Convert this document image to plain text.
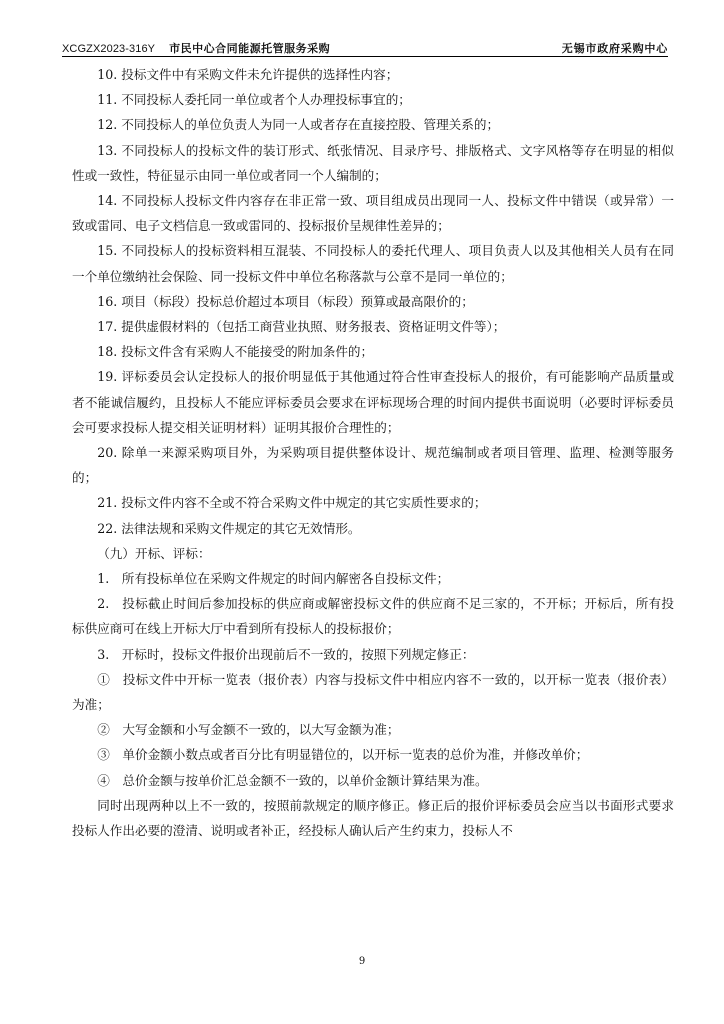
XCGZX2023-316Y 市民中心合同能源托管服务采购	无锡市政府采购中心

10. 投标文件中有采购文件未允许提供的选择性内容；

11. 不同投标人委托同一单位或者个人办理投标事宜的；

12. 不同投标人的单位负责人为同一人或者存在直接控股、管理关系的；

13. 不同投标人的投标文件的装订形式、纸张情况、目录序号、排版格式、文字风格等存在明显的相似性或一致性，特征显示由同一单位或者同一个人编制的；

14. 不同投标人投标文件内容存在非正常一致、项目组成员出现同一人、投标文件中错误（或异常）一致或雷同、电子文档信息一致或雷同的、投标报价呈规律性差异的；

15. 不同投标人的投标资料相互混装、不同投标人的委托代理人、项目负责人以及其他相关人员有在同一个单位缴纳社会保险、同一投标文件中单位名称落款与公章不是同一单位的；

16. 项目（标段）投标总价超过本项目（标段）预算或最高限价的；

17. 提供虚假材料的（包括工商营业执照、财务报表、资格证明文件等）；

18. 投标文件含有采购人不能接受的附加条件的；

19. 评标委员会认定投标人的报价明显低于其他通过符合性审查投标人的报价，有可能影响产品质量或者不能诚信履约，且投标人不能应评标委员会要求在评标现场合理的时间内提供书面说明（必要时评标委员会可要求投标人提交相关证明材料）证明其报价合理性的；

20. 除单一来源采购项目外，为采购项目提供整体设计、规范编制或者项目管理、监理、检测等服务的；

21. 投标文件内容不全或不符合采购文件中规定的其它实质性要求的；

22. 法律法规和采购文件规定的其它无效情形。

（九）开标、评标：

1.　所有投标单位在采购文件规定的时间内解密各自投标文件；

2.　投标截止时间后参加投标的供应商或解密投标文件的供应商不足三家的，不开标；开标后，所有投标供应商可在线上开标大厅中看到所有投标人的投标报价；

3.　开标时，投标文件报价出现前后不一致的，按照下列规定修正：

①　投标文件中开标一览表（报价表）内容与投标文件中相应内容不一致的，以开标一览表（报价表）为准；

②　大写金额和小写金额不一致的，以大写金额为准；

③　单价金额小数点或者百分比有明显错位的，以开标一览表的总价为准，并修改单价；

④　总价金额与按单价汇总金额不一致的，以单价金额计算结果为准。

同时出现两种以上不一致的，按照前款规定的顺序修正。修正后的报价评标委员会应当以书面形式要求投标人作出必要的澄清、说明或者补正，经投标人确认后产生约束力，投标人不

9
